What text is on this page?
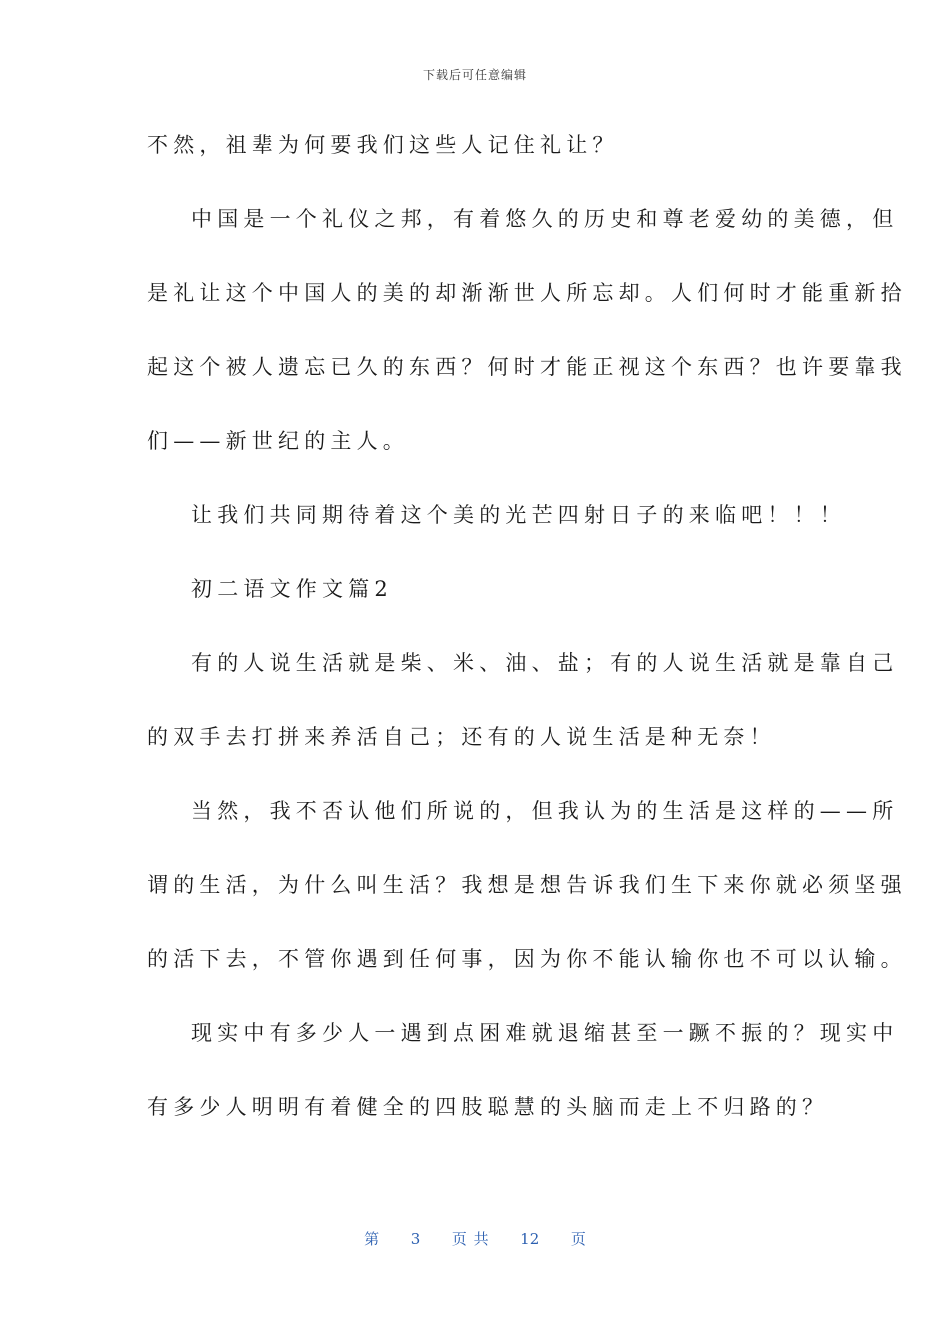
下载后可任意编辑
不然，祖辈为何要我们这些人记住礼让？
中国是一个礼仪之邦，有着悠久的历史和尊老爱幼的美德，但
是礼让这个中国人的美的却渐渐世人所忘却。人们何时才能重新拾
起这个被人遗忘已久的东西？何时才能正视这个东西？也许要靠我
们——新世纪的主人。
让我们共同期待着这个美的光芒四射日子的来临吧！！！
初二语文作文篇2
有的人说生活就是柴、米、油、盐；有的人说生活就是靠自己
的双手去打拼来养活自己；还有的人说生活是种无奈！
当然，我不否认他们所说的，但我认为的生活是这样的——所
谓的生活，为什么叫生活？我想是想告诉我们生下来你就必须坚强
的活下去，不管你遇到任何事，因为你不能认输你也不可以认输。
现实中有多少人一遇到点困难就退缩甚至一蹶不振的？现实中
有多少人明明有着健全的四肢聪慧的头脑而走上不归路的？
第 3 页 共 12 页
